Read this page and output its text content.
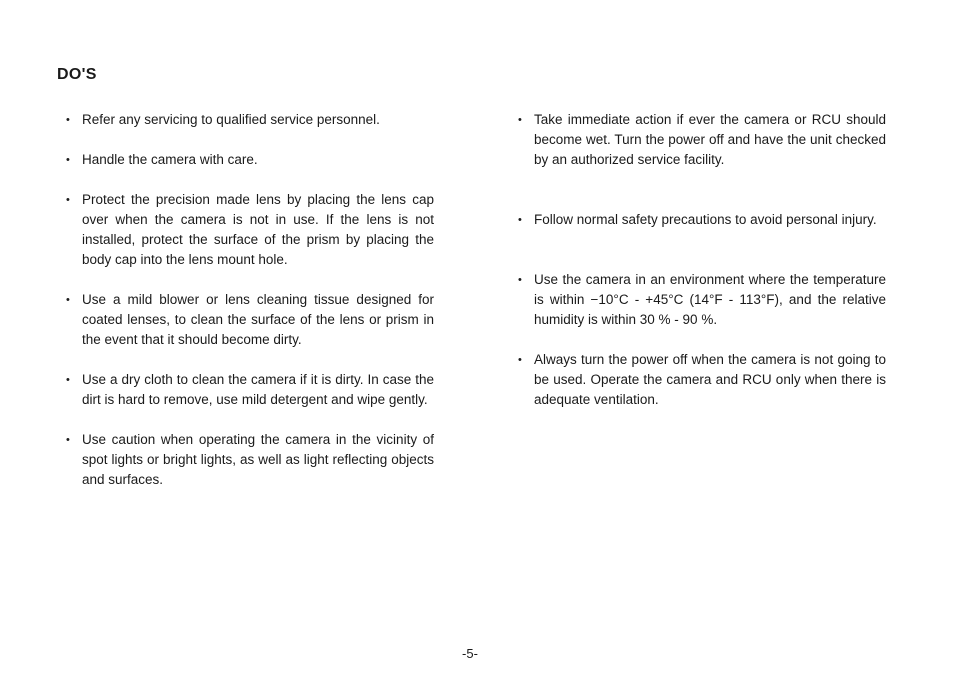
DO'S
• Refer any servicing to qualified service personnel.
• Handle the camera with care.
• Protect the precision made lens by placing the lens cap over when the camera is not in use. If the lens is not installed, protect the surface of the prism by placing the body cap into the lens mount hole.
• Use a mild blower or lens cleaning tissue designed for coated lenses, to clean the surface of the lens or prism in the event that it should become dirty.
• Use a dry cloth to clean the camera if it is dirty. In case the dirt is hard to remove, use mild detergent and wipe gently.
• Use caution when operating the camera in the vicinity of spot lights or bright lights, as well as light reflecting objects and surfaces.
• Take immediate action if ever the camera or RCU should become wet. Turn the power off and have the unit checked by an authorized service facility.
• Follow normal safety precautions to avoid personal injury.
• Use the camera in an environment where the temperature is within −10°C - +45°C (14°F - 113°F), and the relative humidity is within 30 % - 90 %.
• Always turn the power off when the camera is not going to be used. Operate the camera and RCU only when there is adequate ventilation.
-5-
